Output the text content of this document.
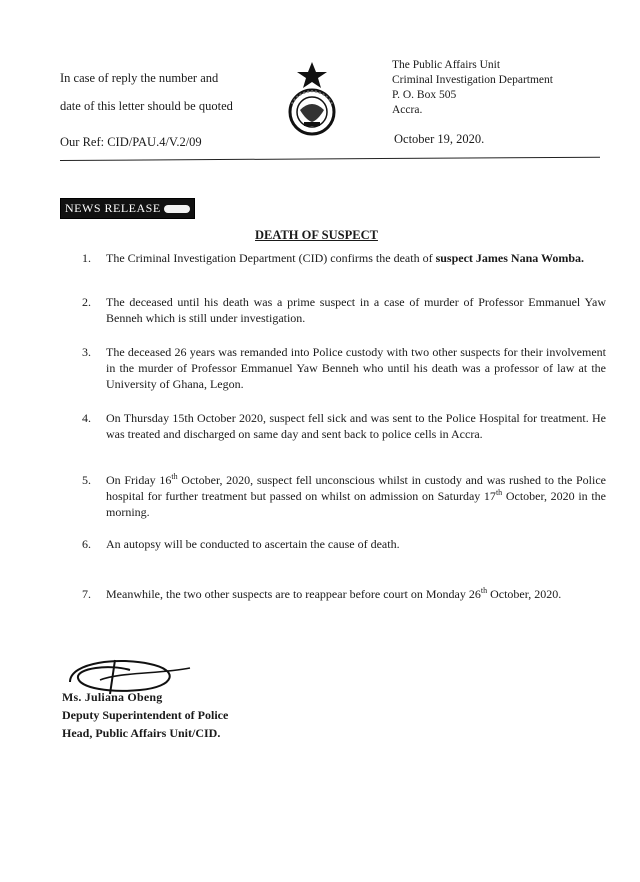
In case of reply the number and
date of this letter should be quoted
Our Ref: CID/PAU.4/V.2/09
The Public Affairs Unit
Criminal Investigation Department
P. O. Box 505
Accra.
October 19, 2020.
NEWS RELEASE
DEATH OF SUSPECT
1.	The Criminal Investigation Department (CID) confirms the death of suspect James Nana Womba.
2.	The deceased until his death was a prime suspect in a case of murder of Professor Emmanuel Yaw Benneh which is still under investigation.
3.	The deceased 26 years was remanded into Police custody with two other suspects for their involvement in the murder of Professor Emmanuel Yaw Benneh who until his death was a professor of law at the University of Ghana, Legon.
4.	On Thursday 15th October 2020, suspect fell sick and was sent to the Police Hospital for treatment. He was treated and discharged on same day and sent back to police cells in Accra.
5.	On Friday 16th October, 2020, suspect fell unconscious whilst in custody and was rushed to the Police hospital for further treatment but passed on whilst on admission on Saturday 17th October, 2020 in the morning.
6.	An autopsy will be conducted to ascertain the cause of death.
7.	Meanwhile, the two other suspects are to reappear before court on Monday 26th October, 2020.
Ms. Juliana Obeng
Deputy Superintendent of Police
Head, Public Affairs Unit/CID.
